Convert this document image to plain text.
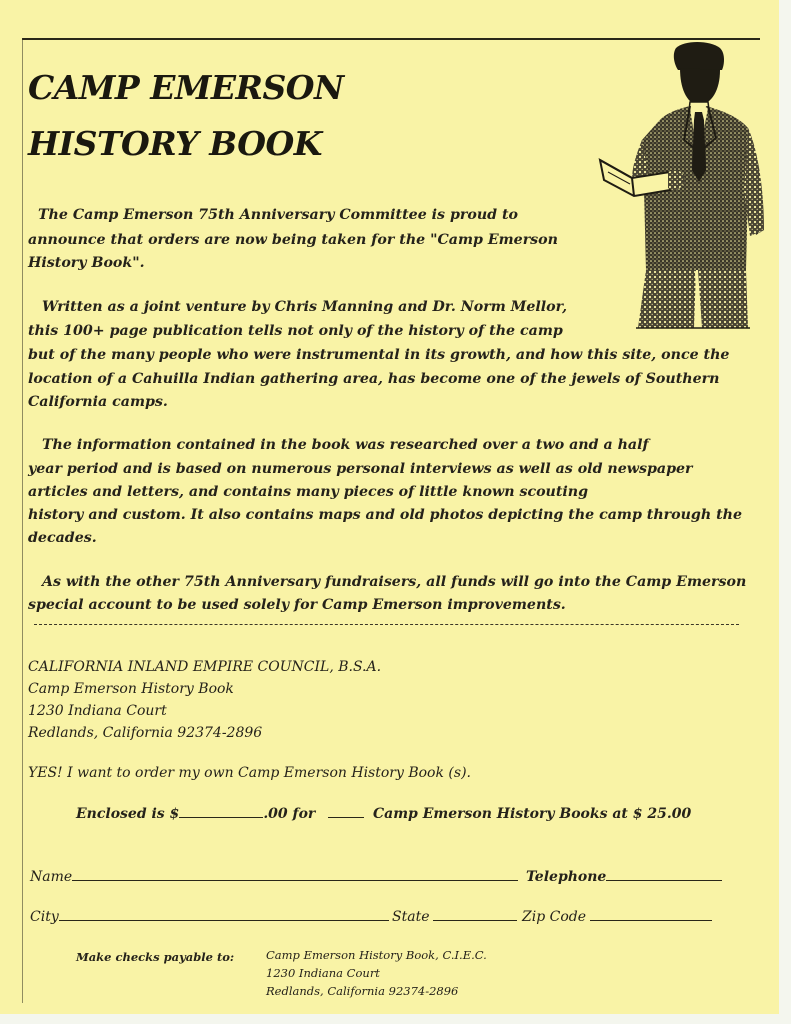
CAMP EMERSON
HISTORY BOOK
The Camp Emerson 75th Anniversary Committee is proud to
announce that orders are now being taken for the "Camp Emerson
History Book".
Written as a joint venture by Chris Manning and Dr. Norm Mellor,
this 100+ page publication tells not only of the history of the camp
but of the many people who were instrumental in its growth, and how this site, once the
location of a Cahuilla Indian gathering area, has become one of the jewels of Southern
California camps.
The information contained in the book was researched over a two and a half
year period and is based on numerous personal interviews as well as old newspaper
articles and letters, and contains many pieces of little known scouting
history and custom. It also contains maps and old photos depicting the camp through the
decades.
As with the other 75th Anniversary fundraisers, all funds will go into the Camp Emerson
special account to be used solely for Camp Emerson improvements.
CALIFORNIA INLAND EMPIRE COUNCIL, B.S.A.
Camp Emerson History Book
1230 Indiana Court
Redlands, California 92374-2896
YES! I want to order my own Camp Emerson History Book (s).
Enclosed is $	.00 for	Camp Emerson History Books at $ 25.00
Name	Telephone
City	State	Zip Code
Make checks payable to:	Camp Emerson History Book, C.I.E.C.
1230 Indiana Court
Redlands, California 92374-2896
